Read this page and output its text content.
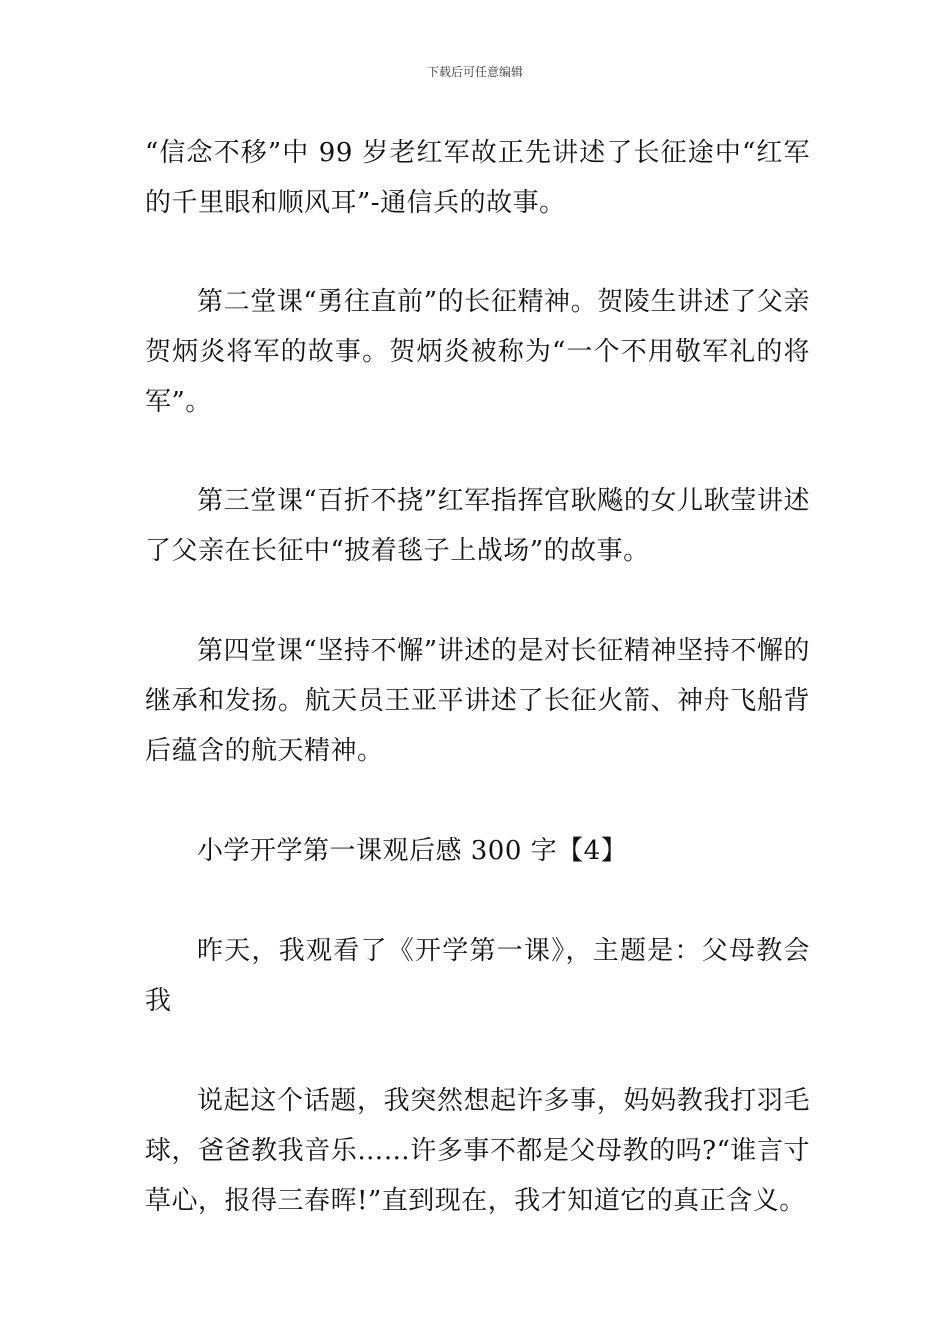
下载后可任意编辑

“信念不移”中 99 岁老红军故正先讲述了长征途中“红军的千里眼和顺风耳”-通信兵的故事。

第二堂课“勇往直前”的长征精神。贺陵生讲述了父亲贺炳炎将军的故事。贺炳炎被称为“一个不用敬军礼的将军”。

第三堂课“百折不挠”红军指挥官耿飚的女儿耿莹讲述了父亲在长征中“披着毯子上战场”的故事。

第四堂课“坚持不懈”讲述的是对长征精神坚持不懈的继承和发扬。航天员王亚平讲述了长征火箭、神舟飞船背后蕴含的航天精神。

小学开学第一课观后感 300 字【4】

昨天，我观看了《开学第一课》，主题是：父母教会我

说起这个话题，我突然想起许多事，妈妈教我打羽毛球，爸爸教我音乐……许多事不都是父母教的吗?“谁言寸草心，报得三春晖!”直到现在，我才知道它的真正含义。
